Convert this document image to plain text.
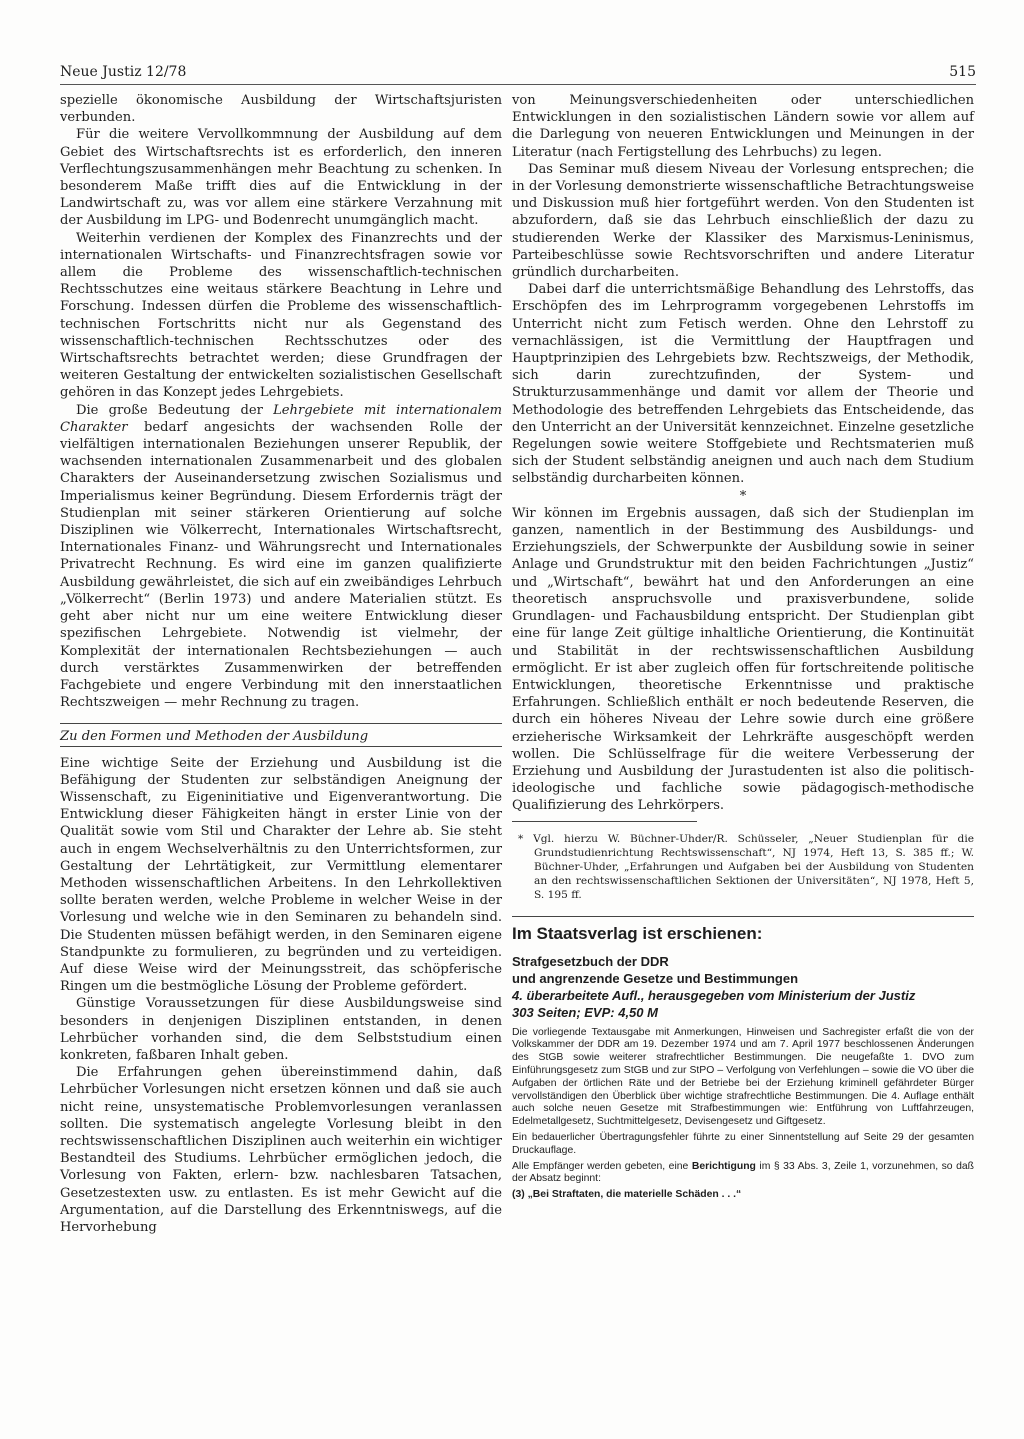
Neue Justiz 12/78	515

spezielle ökonomische Ausbildung der Wirtschaftsjuristen verbunden.

Für die weitere Vervollkommnung der Ausbildung auf dem Gebiet des Wirtschaftsrechts ist es erforderlich, den inneren Verflechtungszusammenhängen mehr Beachtung zu schenken. In besonderem Maße trifft dies auf die Entwicklung in der Landwirtschaft zu, was vor allem eine stärkere Verzahnung mit der Ausbildung im LPG- und Bodenrecht unumgänglich macht.

Weiterhin verdienen der Komplex des Finanzrechts und der internationalen Wirtschafts- und Finanzrechtsfragen sowie vor allem die Probleme des wissenschaftlich-technischen Rechtsschutzes eine weitaus stärkere Beachtung in Lehre und Forschung. Indessen dürfen die Probleme des wissenschaftlich-technischen Fortschritts nicht nur als Gegenstand des wissenschaftlich-technischen Rechtsschutzes oder des Wirtschaftsrechts betrachtet werden; diese Grundfragen der weiteren Gestaltung der entwickelten sozialistischen Gesellschaft gehören in das Konzept jedes Lehrgebiets.

Die große Bedeutung der Lehrgebiete mit internationalem Charakter bedarf angesichts der wachsenden Rolle der vielfältigen internationalen Beziehungen unserer Republik, der wachsenden internationalen Zusammenarbeit und des globalen Charakters der Auseinandersetzung zwischen Sozialismus und Imperialismus keiner Begründung. Diesem Erfordernis trägt der Studienplan mit seiner stärkeren Orientierung auf solche Disziplinen wie Völkerrecht, Internationales Wirtschaftsrecht, Internationales Finanz- und Währungsrecht und Internationales Privatrecht Rechnung. Es wird eine im ganzen qualifizierte Ausbildung gewährleistet, die sich auf ein zweibändiges Lehrbuch „Völkerrecht“ (Berlin 1973) und andere Materialien stützt. Es geht aber nicht nur um eine weitere Entwicklung dieser spezifischen Lehrgebiete. Notwendig ist vielmehr, der Komplexität der internationalen Rechtsbeziehungen — auch durch verstärktes Zusammenwirken der betreffenden Fachgebiete und engere Verbindung mit den innerstaatlichen Rechtszweigen — mehr Rechnung zu tragen.

Zu den Formen und Methoden der Ausbildung

Eine wichtige Seite der Erziehung und Ausbildung ist die Befähigung der Studenten zur selbständigen Aneignung der Wissenschaft, zu Eigeninitiative und Eigenverantwortung. Die Entwicklung dieser Fähigkeiten hängt in erster Linie von der Qualität sowie vom Stil und Charakter der Lehre ab. Sie steht auch in engem Wechselverhältnis zu den Unterrichtsformen, zur Gestaltung der Lehrtätigkeit, zur Vermittlung elementarer Methoden wissenschaftlichen Arbeitens. In den Lehrkollektiven sollte beraten werden, welche Probleme in welcher Weise in der Vorlesung und welche wie in den Seminaren zu behandeln sind. Die Studenten müssen befähigt werden, in den Seminaren eigene Standpunkte zu formulieren, zu begründen und zu verteidigen. Auf diese Weise wird der Meinungsstreit, das schöpferische Ringen um die bestmögliche Lösung der Probleme gefördert.

Günstige Voraussetzungen für diese Ausbildungsweise sind besonders in denjenigen Disziplinen entstanden, in denen Lehrbücher vorhanden sind, die dem Selbststudium einen konkreten, faßbaren Inhalt geben.

Die Erfahrungen gehen übereinstimmend dahin, daß Lehrbücher Vorlesungen nicht ersetzen können und daß sie auch nicht reine, unsystematische Problemvorlesungen veranlassen sollten. Die systematisch angelegte Vorlesung bleibt in den rechtswissenschaftlichen Disziplinen auch weiterhin ein wichtiger Bestandteil des Studiums. Lehrbücher ermöglichen jedoch, die Vorlesung von Fakten, erlern- bzw. nachlesbaren Tatsachen, Gesetzestexten usw. zu entlasten. Es ist mehr Gewicht auf die Argumentation, auf die Darstellung des Erkenntniswegs, auf die Hervorhebung

von Meinungsverschiedenheiten oder unterschiedlichen Entwicklungen in den sozialistischen Ländern sowie vor allem auf die Darlegung von neueren Entwicklungen und Meinungen in der Literatur (nach Fertigstellung des Lehrbuchs) zu legen.

Das Seminar muß diesem Niveau der Vorlesung entsprechen; die in der Vorlesung demonstrierte wissenschaftliche Betrachtungsweise und Diskussion muß hier fortgeführt werden. Von den Studenten ist abzufordern, daß sie das Lehrbuch einschließlich der dazu zu studierenden Werke der Klassiker des Marxismus-Leninismus, Parteibeschlüsse sowie Rechtsvorschriften und andere Literatur gründlich durcharbeiten.

Dabei darf die unterrichtsmäßige Behandlung des Lehrstoffs, das Erschöpfen des im Lehrprogramm vorgegebenen Lehrstoffs im Unterricht nicht zum Fetisch werden. Ohne den Lehrstoff zu vernachlässigen, ist die Vermittlung der Hauptfragen und Hauptprinzipien des Lehrgebiets bzw. Rechtszweigs, der Methodik, sich darin zurechtzufinden, der System- und Strukturzusammenhänge und damit vor allem der Theorie und Methodologie des betreffenden Lehrgebiets das Entscheidende, das den Unterricht an der Universität kennzeichnet. Einzelne gesetzliche Regelungen sowie weitere Stoffgebiete und Rechtsmaterien muß sich der Student selbständig aneignen und auch nach dem Studium selbständig durcharbeiten können.

*

Wir können im Ergebnis aussagen, daß sich der Studienplan im ganzen, namentlich in der Bestimmung des Ausbildungs- und Erziehungsziels, der Schwerpunkte der Ausbildung sowie in seiner Anlage und Grundstruktur mit den beiden Fachrichtungen „Justiz“ und „Wirtschaft“, bewährt hat und den Anforderungen an eine theoretisch anspruchsvolle und praxisverbundene, solide Grundlagen- und Fachausbildung entspricht. Der Studienplan gibt eine für lange Zeit gültige inhaltliche Orientierung, die Kontinuität und Stabilität in der rechtswissenschaftlichen Ausbildung ermöglicht. Er ist aber zugleich offen für fortschreitende politische Entwicklungen, theoretische Erkenntnisse und praktische Erfahrungen. Schließlich enthält er noch bedeutende Reserven, die durch ein höheres Niveau der Lehre sowie durch eine größere erzieherische Wirksamkeit der Lehrkräfte ausgeschöpft werden wollen. Die Schlüsselfrage für die weitere Verbesserung der Erziehung und Ausbildung der Jurastudenten ist also die politisch-ideologische und fachliche sowie pädagogisch-methodische Qualifizierung des Lehrkörpers.

* Vgl. hierzu W. Büchner-Uhder/R. Schüsseler, „Neuer Studienplan für die Grundstudienrichtung Rechtswissenschaft“, NJ 1974, Heft 13, S. 385 ff.; W. Büchner-Uhder, „Erfahrungen und Aufgaben bei der Ausbildung von Studenten an den rechtswissenschaftlichen Sektionen der Universitäten“, NJ 1978, Heft 5, S. 195 ff.

Im Staatsverlag ist erschienen:

Strafgesetzbuch der DDR

und angrenzende Gesetze und Bestimmungen

4. überarbeitete Aufl., herausgegeben vom Ministerium der Justiz

303 Seiten; EVP: 4,50 M

Die vorliegende Textausgabe mit Anmerkungen, Hinweisen und Sachregister erfaßt die von der Volkskammer der DDR am 19. Dezember 1974 und am 7. April 1977 beschlossenen Änderungen des StGB sowie weiterer strafrechtlicher Bestimmungen. Die neugefaßte 1. DVO zum Einführungsgesetz zum StGB und zur StPO – Verfolgung von Verfehlungen – sowie die VO über die Aufgaben der örtlichen Räte und der Betriebe bei der Erziehung kriminell gefährdeter Bürger vervollständigen den Überblick über wichtige strafrechtliche Bestimmungen. Die 4. Auflage enthält auch solche neuen Gesetze mit Strafbestimmungen wie: Entführung von Luftfahrzeugen, Edelmetallgesetz, Suchtmittelgesetz, Devisengesetz und Giftgesetz.

Ein bedauerlicher Übertragungsfehler führte zu einer Sinnentstellung auf Seite 29 der gesamten Druckauflage.

Alle Empfänger werden gebeten, eine Berichtigung im § 33 Abs. 3, Zeile 1, vorzunehmen, so daß der Absatz beginnt:

(3) „Bei Straftaten, die materielle Schäden . . .“
